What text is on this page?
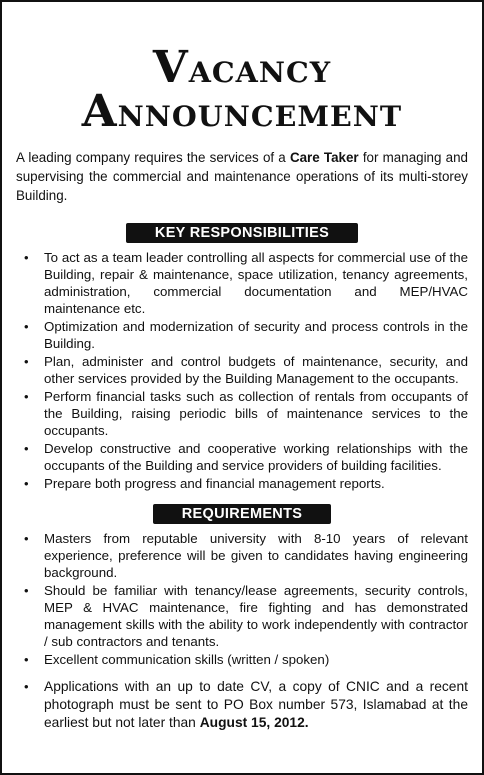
VACANCY ANNOUNCEMENT

A leading company requires the services of a Care Taker for managing and supervising the commercial and maintenance operations of its multi-storey Building.

KEY RESPONSIBILITIES
• To act as a team leader controlling all aspects for commercial use of the Building, repair & maintenance, space utilization, tenancy agreements, administration, commercial documentation and MEP/HVAC maintenance etc.
• Optimization and modernization of security and process controls in the Building.
• Plan, administer and control budgets of maintenance, security, and other services provided by the Building Management to the occupants.
• Perform financial tasks such as collection of rentals from occupants of the Building, raising periodic bills of maintenance services to the occupants.
• Develop constructive and cooperative working relationships with the occupants of the Building and service providers of building facilities.
• Prepare both progress and financial management reports.
REQUIREMENTS
• Masters from reputable university with 8-10 years of relevant experience, preference will be given to candidates having engineering background.
• Should be familiar with tenancy/lease agreements, security controls, MEP & HVAC maintenance, fire fighting and has demonstrated management skills with the ability to work independently with contractor / sub contractors and tenants.
• Excellent communication skills (written / spoken)
• Applications with an up to date CV, a copy of CNIC and a recent photograph must be sent to PO Box number 573, Islamabad at the earliest but not later than August 15, 2012.
